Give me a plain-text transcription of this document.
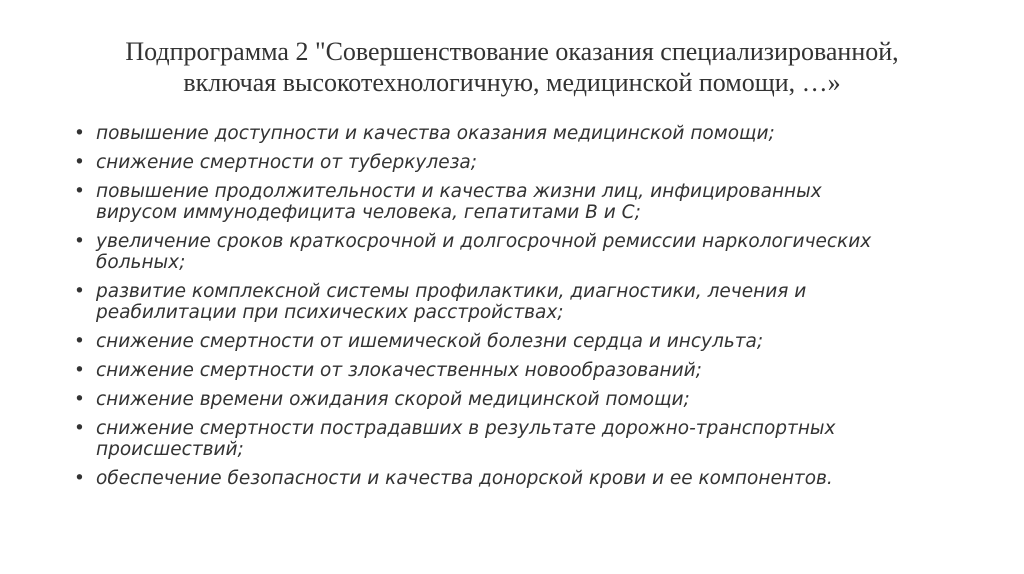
Подпрограмма 2 "Совершенствование оказания специализированной,
включая высокотехнологичную, медицинской помощи, …»
• повышение доступности и качества оказания медицинской помощи;
• снижение смертности от туберкулеза;
• повышение продолжительности и качества жизни лиц, инфицированных
вирусом иммунодефицита человека, гепатитами B и C;
• увеличение сроков краткосрочной и долгосрочной ремиссии наркологических
больных;
• развитие комплексной системы профилактики, диагностики, лечения и
реабилитации при психических расстройствах;
• снижение смертности от ишемической болезни сердца и инсульта;
• снижение смертности от злокачественных новообразований;
• снижение времени ожидания скорой медицинской помощи;
• снижение смертности пострадавших в результате дорожно-транспортных
происшествий;
• обеспечение безопасности и качества донорской крови и ее компонентов.
